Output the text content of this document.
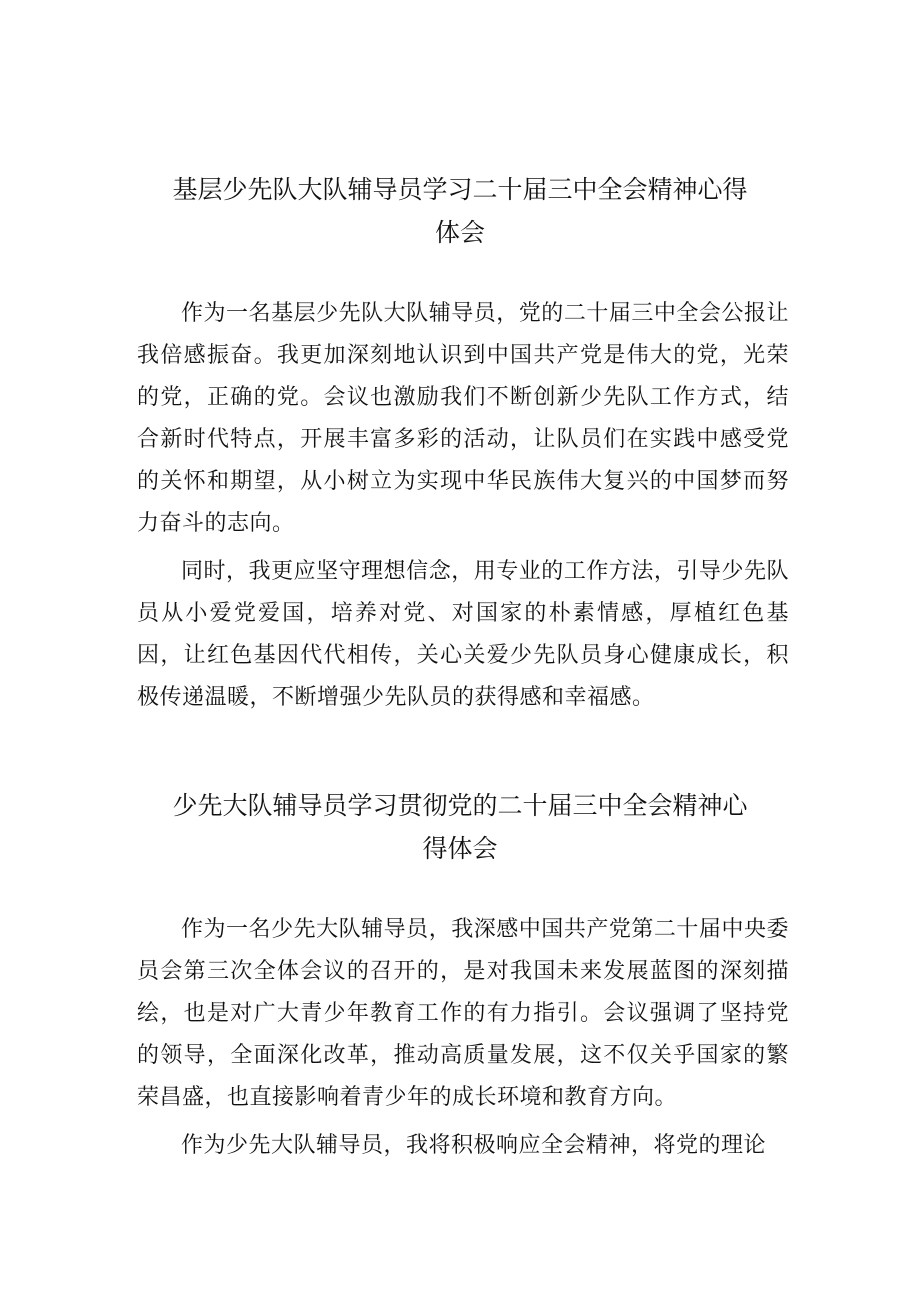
基层少先队大队辅导员学习二十届三中全会精神心得
体会

作为一名基层少先队大队辅导员，党的二十届三中全会公报让我倍感振奋。我更加深刻地认识到中国共产党是伟大的党，光荣的党，正确的党。会议也激励我们不断创新少先队工作方式，结合新时代特点，开展丰富多彩的活动，让队员们在实践中感受党的关怀和期望，从小树立为实现中华民族伟大复兴的中国梦而努力奋斗的志向。

同时，我更应坚守理想信念，用专业的工作方法，引导少先队员从小爱党爱国，培养对党、对国家的朴素情感，厚植红色基因，让红色基因代代相传，关心关爱少先队员身心健康成长，积极传递温暖，不断增强少先队员的获得感和幸福感。

少先大队辅导员学习贯彻党的二十届三中全会精神心
得体会

作为一名少先大队辅导员，我深感中国共产党第二十届中央委员会第三次全体会议的召开的，是对我国未来发展蓝图的深刻描绘，也是对广大青少年教育工作的有力指引。会议强调了坚持党的领导，全面深化改革，推动高质量发展，这不仅关乎国家的繁荣昌盛，也直接影响着青少年的成长环境和教育方向。

作为少先大队辅导员，我将积极响应全会精神，将党的理论
